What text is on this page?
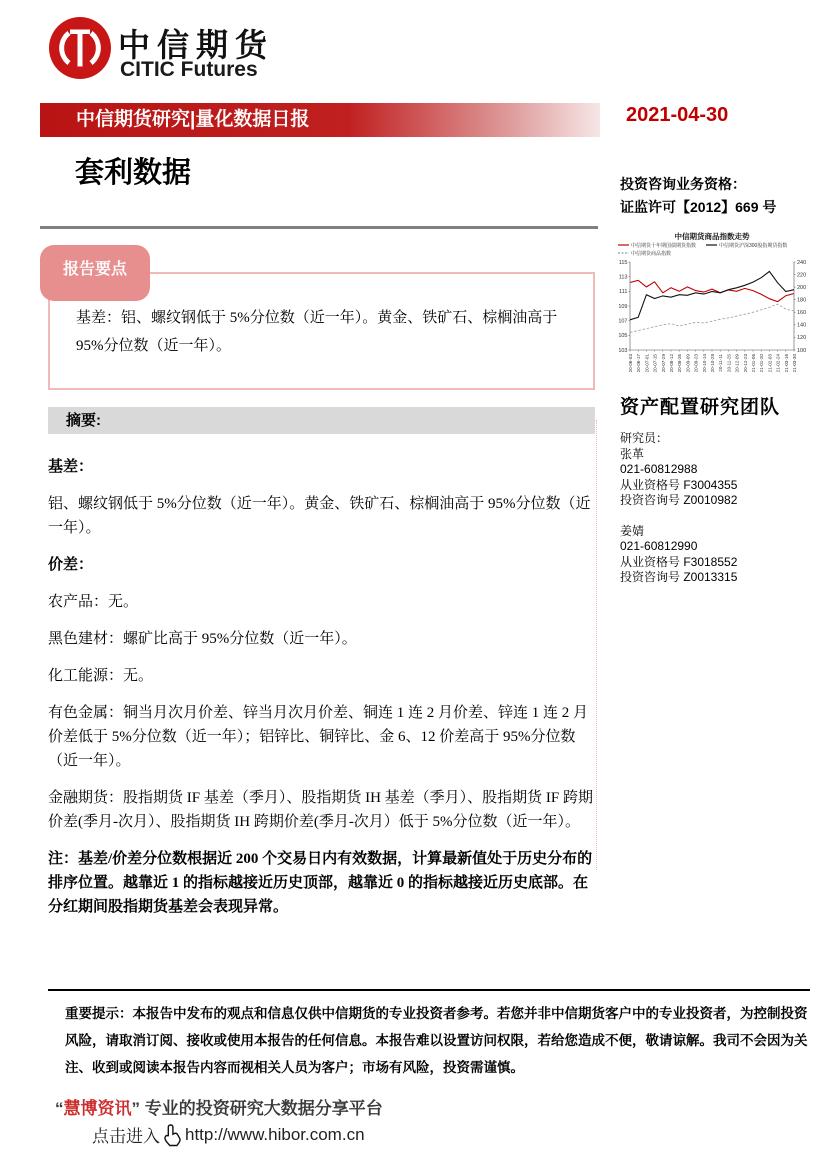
中信期货
CITIC Futures
中信期货研究|量化数据日报	2021-04-30
套利数据	投资咨询业务资格：
证监许可【2012】669 号
报告要点
基差：铝、螺纹钢低于 5%分位数（近一年）。黄金、铁矿石、棕榈油高于 95%分位数（近一年）。
摘要:

基差：

铝、螺纹钢低于 5%分位数（近一年）。黄金、铁矿石、棕榈油高于 95%分位数（近一年）。

价差：

农产品：无。

黑色建材：螺矿比高于 95%分位数（近一年）。

化工能源：无。

有色金属：铜当月次月价差、锌当月次月价差、铜连 1 连 2 月价差、锌连 1 连 2 月价差低于 5%分位数（近一年）；铝锌比、铜锌比、金 6、12 价差高于 95%分位数（近一年）。

金融期货：股指期货 IF 基差（季月）、股指期货 IH 基差（季月）、股指期货 IF 跨期价差(季月-次月）、股指期货 IH 跨期价差(季月-次月）低于 5%分位数（近一年）。

注：基差/价差分位数根据近 200 个交易日内有效数据，计算最新值处于历史分布的排序位置。越靠近 1 的指标越接近历史顶部，越靠近 0 的指标越接近历史底部。在分红期间股指期货基差会表现异常。

中信期货商品指数走势
中信期货十年期国债期货指数	中信期货沪深300股指期货指数
中信期货商品指数
103
105
107
109
111
113
115
100
120
140
160
180
200
220
240
20-06-03 20-06-17 20-07-01 20-07-15 20-07-29 20-08-12 20-08-26 20-09-09 20-09-23 20-10-14 20-10-28 20-11-11 20-11-25 20-12-09 20-12-23 21-01-06 21-01-20 21-02-03 21-02-24 21-03-16 21-03-30
资产配置研究团队
研究员：
张革
021-60812988
从业资格号 F3004355
投资咨询号 Z0010982
姜婧
021-60812990
从业资格号 F3018552
投资咨询号 Z0013315
重要提示：本报告中发布的观点和信息仅供中信期货的专业投资者参考。若您并非中信期货客户中的专业投资者，为控制投资风险，请取消订阅、接收或使用本报告的任何信息。本报告难以设置访问权限，若给您造成不便，敬请谅解。我司不会因为关注、收到或阅读本报告内容而视相关人员为客户；市场有风险，投资需谨慎。
“慧博资讯” 专业的投资研究大数据分享平台
点击进入 http://www.hibor.com.cn
